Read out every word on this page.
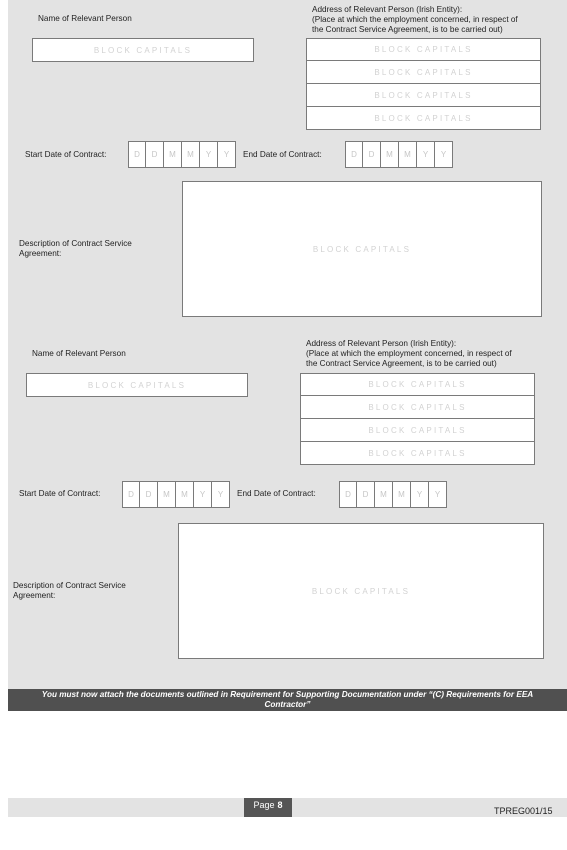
Name of Relevant Person
BLOCK CAPITALS
Address of Relevant Person (Irish Entity):
(Place at which the employment concerned, in respect of
the Contract Service Agreement, is to be carried out)
BLOCK CAPITALS
BLOCK CAPITALS
BLOCK CAPITALS
BLOCK CAPITALS
Start Date of Contract:	D	D	M	M	Y	Y	End Date of Contract:	D	D	M	M	Y	Y
Description of Contract Service
Agreement:	BLOCK CAPITALS
Name of Relevant Person
BLOCK CAPITALS
Address of Relevant Person (Irish Entity):
(Place at which the employment concerned, in respect of
the Contract Service Agreement, is to be carried out)
BLOCK CAPITALS
BLOCK CAPITALS
BLOCK CAPITALS
BLOCK CAPITALS
Start Date of Contract:	D	D	M	M	Y	Y	End Date of Contract:	D	D	M	M	Y	Y
Description of Contract Service
Agreement:	BLOCK CAPITALS
You must now attach the documents outlined in Requirement for Supporting Documentation under “(C) Requirements for EEA Contractor”
Page 8
TPREG001/15
